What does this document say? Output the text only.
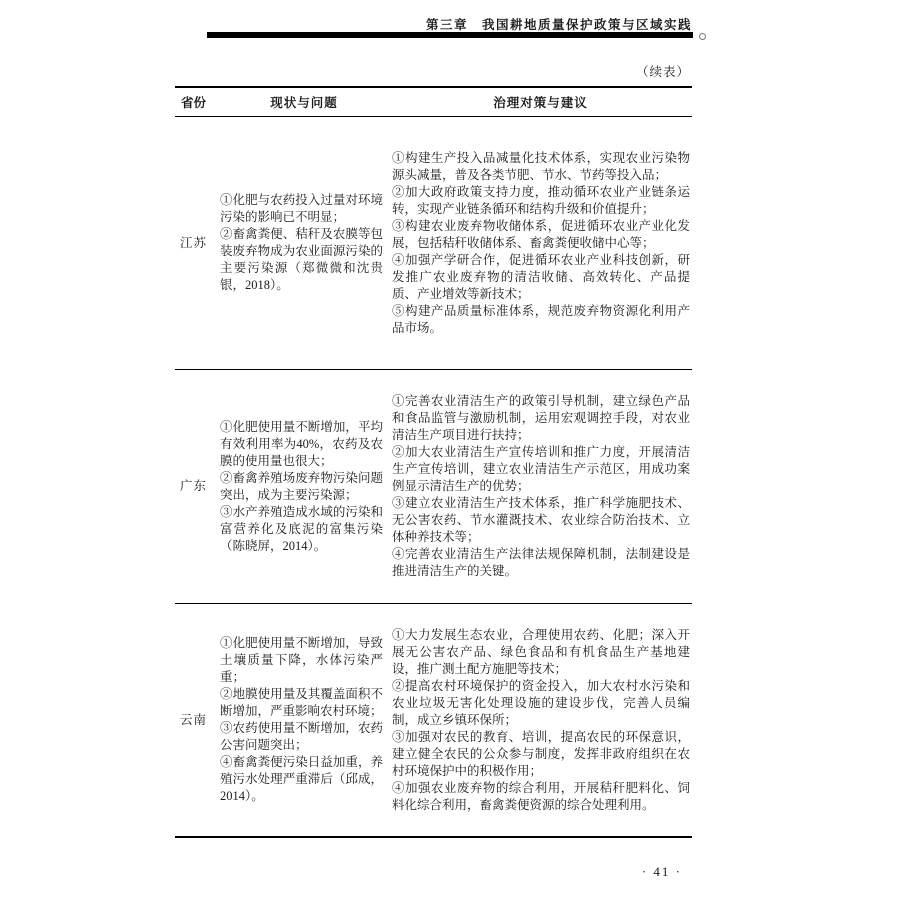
第三章　我国耕地质量保护政策与区域实践
（续表）
省份	现状与问题	治理对策与建议
江苏

①化肥与农药投入过量对环境污染的影响已不明显；

②畜禽粪便、秸秆及农膜等包装废弃物成为农业面源污染的主要污染源（郑微微和沈贵银，2018）。

①构建生产投入品减量化技术体系，实现农业污染物源头减量，普及各类节肥、节水、节药等投入品；

②加大政府政策支持力度，推动循环农业产业链条运转，实现产业链条循环和结构升级和价值提升；

③构建农业废弃物收储体系，促进循环农业产业化发展，包括秸秆收储体系、畜禽粪便收储中心等；

④加强产学研合作，促进循环农业产业科技创新，研发推广农业废弃物的清洁收储、高效转化、产品提质、产业增效等新技术；

⑤构建产品质量标准体系，规范废弃物资源化利用产品市场。

广东

①化肥使用量不断增加，平均有效利用率为40%，农药及农膜的使用量也很大；

②畜禽养殖场废弃物污染问题突出，成为主要污染源；

③水产养殖造成水域的污染和富营养化及底泥的富集污染（陈晓屏，2014）。

①完善农业清洁生产的政策引导机制，建立绿色产品和食品监管与激励机制，运用宏观调控手段，对农业清洁生产项目进行扶持；

②加大农业清洁生产宣传培训和推广力度，开展清洁生产宣传培训，建立农业清洁生产示范区，用成功案例显示清洁生产的优势；

③建立农业清洁生产技术体系，推广科学施肥技术、无公害农药、节水灌溉技术、农业综合防治技术、立体种养技术等；

④完善农业清洁生产法律法规保障机制，法制建设是推进清洁生产的关键。

云南

①化肥使用量不断增加，导致土壤质量下降，水体污染严重；

②地膜使用量及其覆盖面积不断增加，严重影响农村环境；

③农药使用量不断增加，农药公害问题突出；

④畜禽粪便污染日益加重，养殖污水处理严重滞后（邱成，2014）。

①大力发展生态农业，合理使用农药、化肥；深入开展无公害农产品、绿色食品和有机食品生产基地建设，推广测土配方施肥等技术；

②提高农村环境保护的资金投入，加大农村水污染和农业垃圾无害化处理设施的建设步伐，完善人员编制，成立乡镇环保所；

③加强对农民的教育、培训，提高农民的环保意识，建立健全农民的公众参与制度，发挥非政府组织在农村环境保护中的积极作用；

④加强农业废弃物的综合利用，开展秸秆肥料化、饲料化综合利用，畜禽粪便资源的综合处理利用。

· 41 ·
